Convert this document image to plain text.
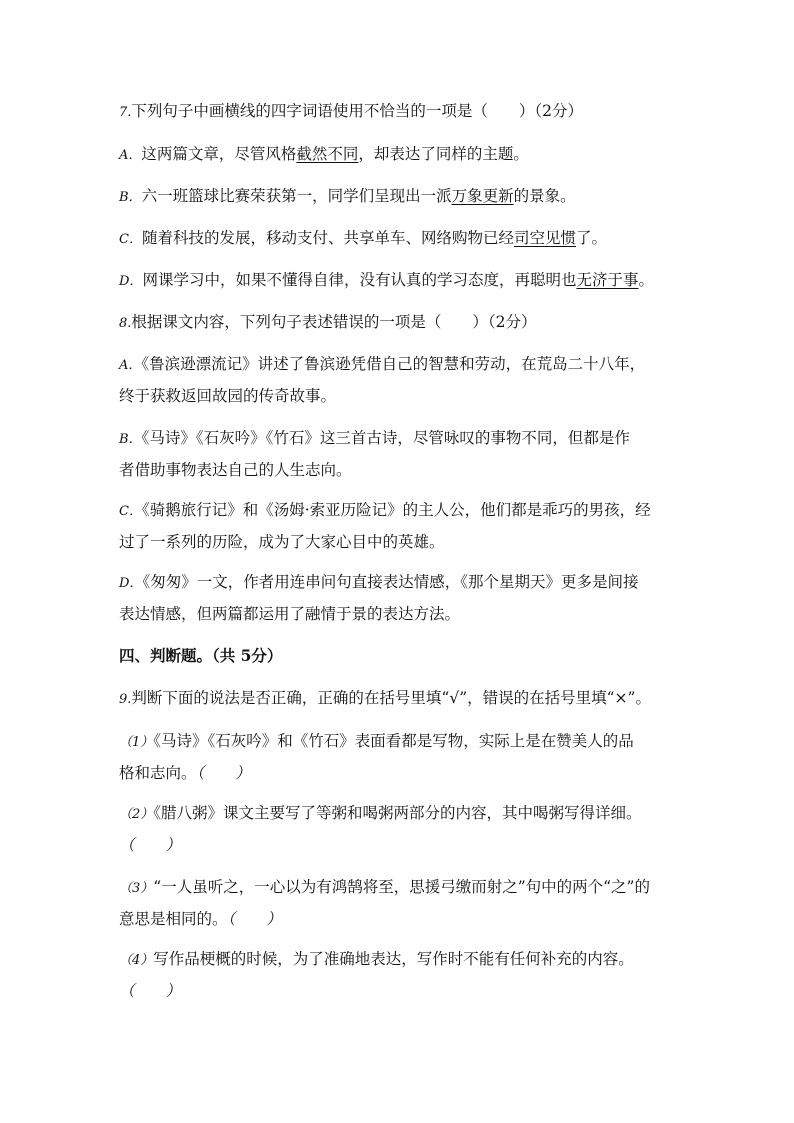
7.下列句子中画横线的四字词语使用不恰当的一项是（　　）（2分）
A．这两篇文章，尽管风格截然不同，却表达了同样的主题。
B．六一班篮球比赛荣获第一，同学们呈现出一派万象更新的景象。
C．随着科技的发展，移动支付、共享单车、网络购物已经司空见惯了。
D．网课学习中，如果不懂得自律，没有认真的学习态度，再聪明也无济于事。
8.根据课文内容，下列句子表述错误的一项是（　　）（2分）
A．《鲁滨逊漂流记》讲述了鲁滨逊凭借自己的智慧和劳动，在荒岛二十八年，
终于获救返回故园的传奇故事。
B．《马诗》《石灰吟》《竹石》这三首古诗，尽管咏叹的事物不同，但都是作
者借助事物表达自己的人生志向。
C．《骑鹅旅行记》和《汤姆·索亚历险记》的主人公，他们都是乖巧的男孩，经
过了一系列的历险，成为了大家心目中的英雄。
D．《匆匆》一文，作者用连串问句直接表达情感，《那个星期天》更多是间接
表达情感，但两篇都运用了融情于景的表达方法。
四、判断题。（共 5分）
9.判断下面的说法是否正确，正确的在括号里填“√”，错误的在括号里填“×”。
（1）《马诗》《石灰吟》和《竹石》表面看都是写物，实际上是在赞美人的品
格和志向。（　　）
（2）《腊八粥》课文主要写了等粥和喝粥两部分的内容，其中喝粥写得详细。
（　　）
（3）“一人虽听之，一心以为有鸿鹄将至，思援弓缴而射之”句中的两个“之”的
意思是相同的。（　　）
（4）写作品梗概的时候，为了准确地表达，写作时不能有任何补充的内容。
（　　）
